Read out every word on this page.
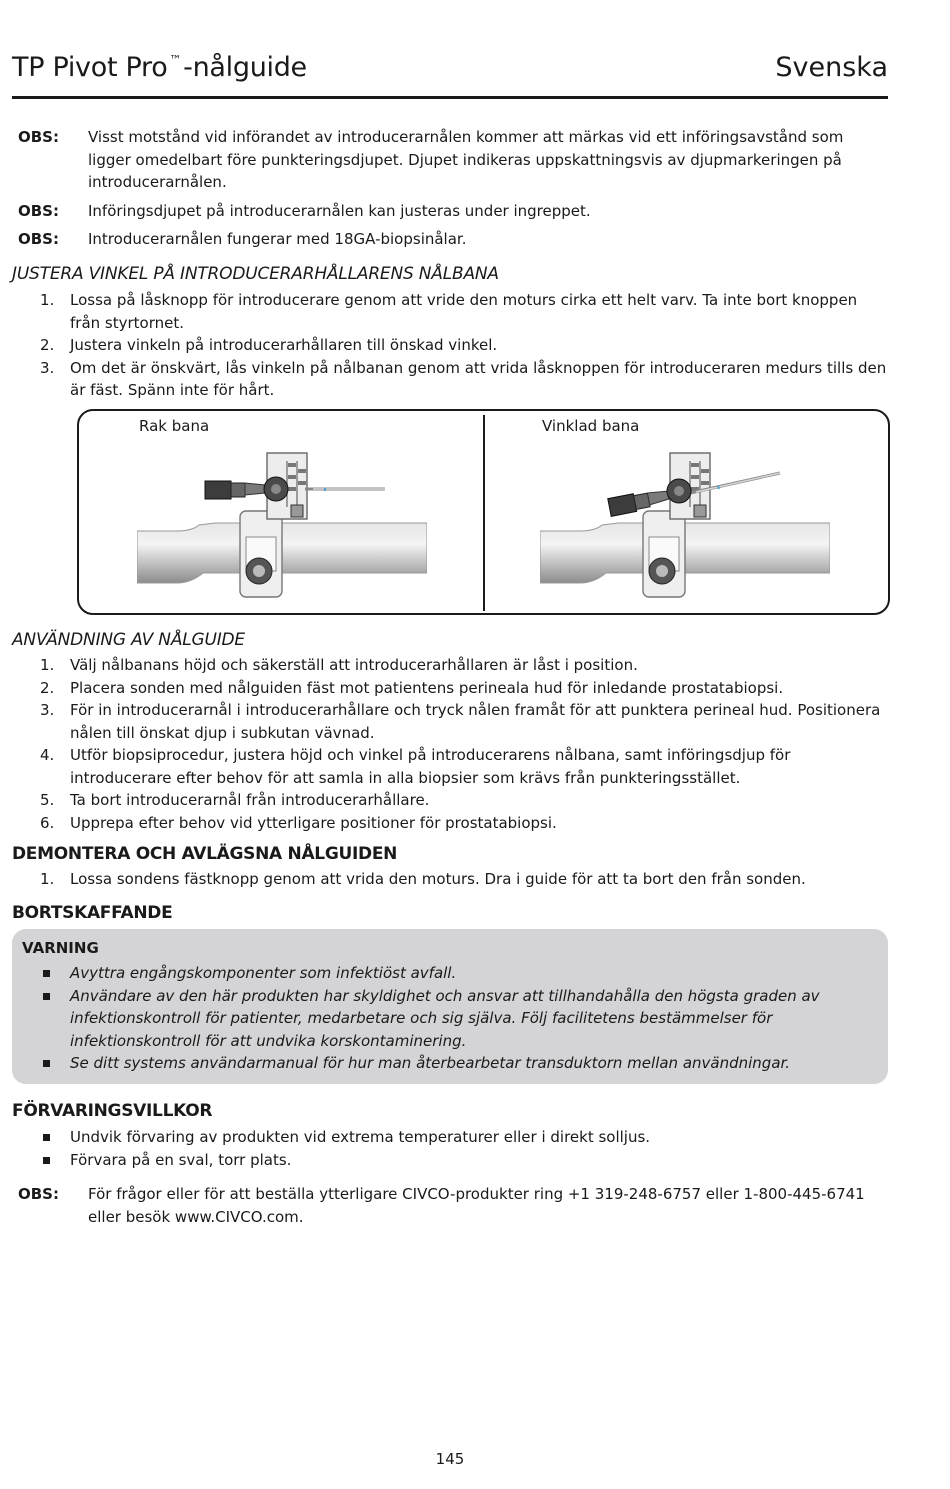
TP Pivot Pro ™-nålguide	Svenska
OBS: Visst motstånd vid införandet av introducerarnålen kommer att märkas vid ett införingsavstånd som ligger omedelbart före punkteringsdjupet. Djupet indikeras uppskattningsvis av djupmarkeringen på introducerarnålen.
OBS: Införingsdjupet på introducerarnålen kan justeras under ingreppet.
OBS: Introducerarnålen fungerar med 18GA-biopsinålar.
JUSTERA VINKEL PÅ INTRODUCERARHÅLLARENS NÅLBANA
1. Lossa på låsknopp för introducerare genom att vride den moturs cirka ett helt varv. Ta inte bort knoppen från styrtornet.
2. Justera vinkeln på introducerarhållaren till önskad vinkel.
3. Om det är önskvärt, lås vinkeln på nålbanan genom att vrida låsknoppen för introduceraren medurs tills den är fäst. Spänn inte för hårt.
Rak bana	Vinklad bana
ANVÄNDNING AV NÅLGUIDE
1. Välj nålbanans höjd och säkerställ att introducerarhållaren är låst i position.
2. Placera sonden med nålguiden fäst mot patientens perineala hud för inledande prostatabiopsi.
3. För in introducerarnål i introducerarhållare och tryck nålen framåt för att punktera perineal hud. Positionera nålen till önskat djup i subkutan vävnad.
4. Utför biopsiprocedur, justera höjd och vinkel på introducerarens nålbana, samt införingsdjup för introducerare efter behov för att samla in alla biopsier som krävs från punkteringsstället.
5. Ta bort introducerarnål från introducerarhållare.
6. Upprepa efter behov vid ytterligare positioner för prostatabiopsi.
DEMONTERA OCH AVLÄGSNA NÅLGUIDEN
1. Lossa sondens fästknopp genom att vrida den moturs. Dra i guide för att ta bort den från sonden.
BORTSKAFFANDE
VARNING
Avyttra engångskomponenter som infektiöst avfall.
Användare av den här produkten har skyldighet och ansvar att tillhandahålla den högsta graden av infektionskontroll för patienter, medarbetare och sig själva. Följ facilitetens bestämmelser för infektionskontroll för att undvika korskontaminering.
Se ditt systems användarmanual för hur man återbearbetar transduktorn mellan användningar.
FÖRVARINGSVILLKOR
Undvik förvaring av produkten vid extrema temperaturer eller i direkt solljus.
Förvara på en sval, torr plats.
OBS: För frågor eller för att beställa ytterligare CIVCO-produkter ring +1 319-248-6757 eller 1-800-445-6741 eller besök www.CIVCO.com.
145
